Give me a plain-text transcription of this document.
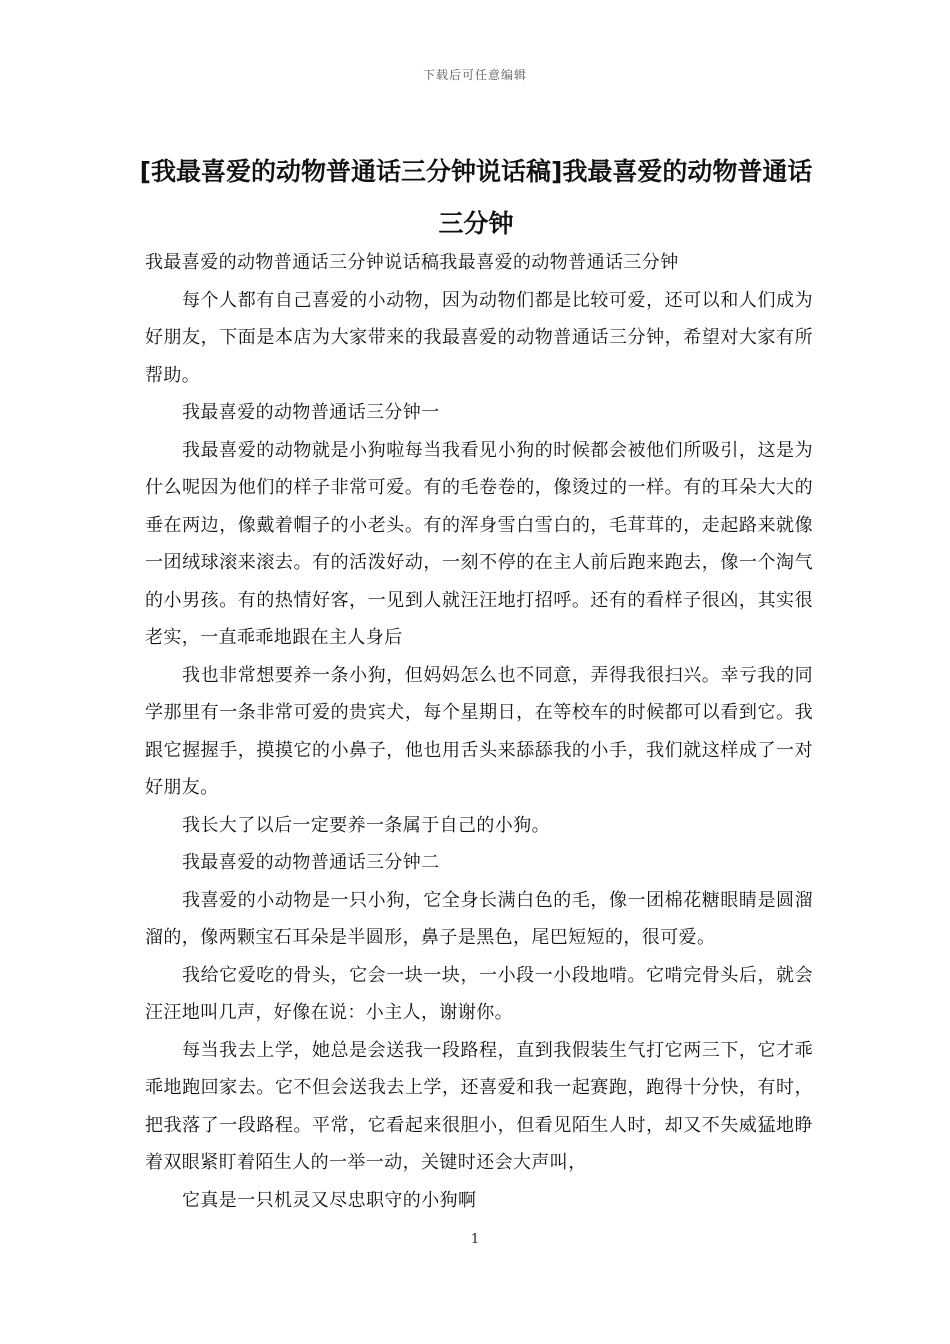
下载后可任意编辑
[我最喜爱的动物普通话三分钟说话稿]我最喜爱的动物普通话三分钟

我最喜爱的动物普通话三分钟说话稿我最喜爱的动物普通话三分钟

每个人都有自己喜爱的小动物，因为动物们都是比较可爱，还可以和人们成为好朋友，下面是本店为大家带来的我最喜爱的动物普通话三分钟，希望对大家有所帮助。

我最喜爱的动物普通话三分钟一

我最喜爱的动物就是小狗啦每当我看见小狗的时候都会被他们所吸引，这是为什么呢因为他们的样子非常可爱。有的毛卷卷的，像烫过的一样。有的耳朵大大的垂在两边，像戴着帽子的小老头。有的浑身雪白雪白的，毛茸茸的，走起路来就像一团绒球滚来滚去。有的活泼好动，一刻不停的在主人前后跑来跑去，像一个淘气的小男孩。有的热情好客，一见到人就汪汪地打招呼。还有的看样子很凶，其实很老实，一直乖乖地跟在主人身后

我也非常想要养一条小狗，但妈妈怎么也不同意，弄得我很扫兴。幸亏我的同学那里有一条非常可爱的贵宾犬，每个星期日，在等校车的时候都可以看到它。我跟它握握手，摸摸它的小鼻子，他也用舌头来舔舔我的小手，我们就这样成了一对好朋友。

我长大了以后一定要养一条属于自己的小狗。

我最喜爱的动物普通话三分钟二

我喜爱的小动物是一只小狗，它全身长满白色的毛，像一团棉花糖眼睛是圆溜溜的，像两颗宝石耳朵是半圆形，鼻子是黑色，尾巴短短的，很可爱。

我给它爱吃的骨头，它会一块一块，一小段一小段地啃。它啃完骨头后，就会汪汪地叫几声，好像在说：小主人，谢谢你。

每当我去上学，她总是会送我一段路程，直到我假装生气打它两三下，它才乖乖地跑回家去。它不但会送我去上学，还喜爱和我一起赛跑，跑得十分快，有时，把我落了一段路程。平常，它看起来很胆小，但看见陌生人时，却又不失威猛地睁着双眼紧盯着陌生人的一举一动，关键时还会大声叫，

它真是一只机灵又尽忠职守的小狗啊

1
